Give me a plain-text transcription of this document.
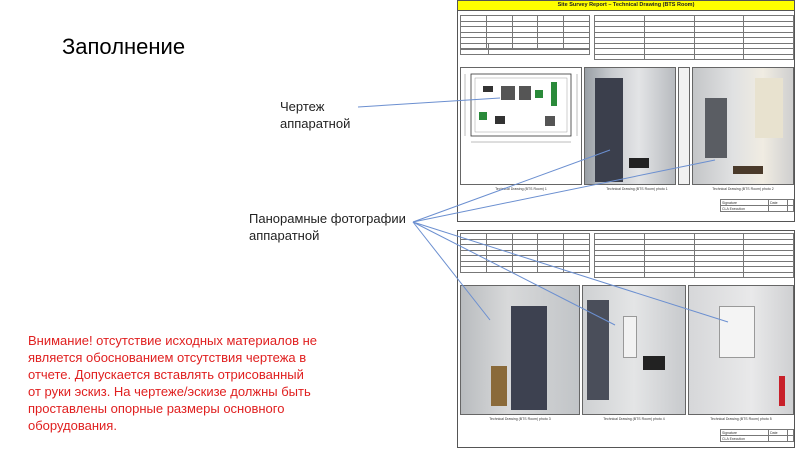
Заполнение
Чертеж
аппаратной
Панорамные фотографии
аппаратной
Внимание! отсутствие исходных материалов не
является обоснованием отсутствия чертежа в
отчете. Допускается вставлять отрисованный
от руки эскиз. На чертеже/эскизе должны быть
проставлены опорные размеры основного
оборудования.
Site Survey Report – Technical Drawing (BTS Room)

Technical Drawing (BTS Room) 1	Technical Drawing (BTS Room) photo 1	Technical Drawing (BTS Room) photo 2
Signature	Date	
CLA Execution		

Technical Drawing (BTS Room) photo 3	Technical Drawing (BTS Room) photo 4	Technical Drawing (BTS Room) photo 5
Signature	Date	
CLA Execution		
